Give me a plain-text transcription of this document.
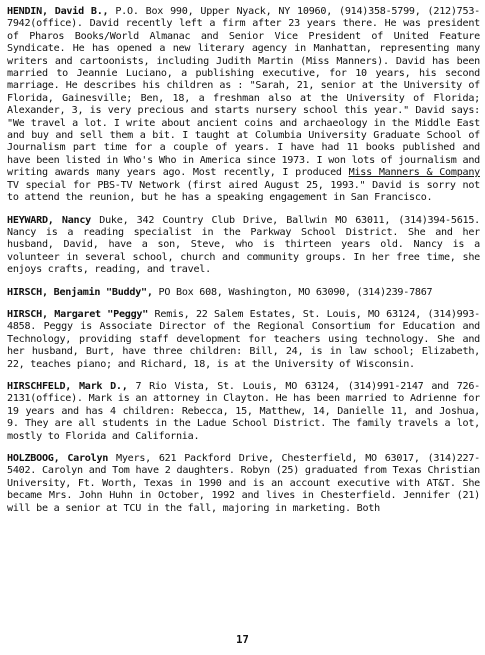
HENDIN, David B., P.O. Box 990, Upper Nyack, NY 10960, (914)358-5799, (212)753-7942(office). David recently left a firm after 23 years there. He was president of Pharos Books/World Almanac and Senior Vice President of United Feature Syndicate. He has opened a new literary agency in Manhattan, representing many writers and cartoonists, including Judith Martin (Miss Manners). David has been married to Jeannie Luciano, a publishing executive, for 10 years, his second marriage. He describes his children as : "Sarah, 21, senior at the University of Florida, Gainesville; Ben, 18, a freshman also at the University of Florida; Alexander, 3, is very precious and starts nursery school this year." David says: "We travel a lot. I write about ancient coins and archaeology in the Middle East and buy and sell them a bit. I taught at Columbia University Graduate School of Journalism part time for a couple of years. I have had 11 books published and have been listed in Who's Who in America since 1973. I won lots of journalism and writing awards many years ago. Most recently, I produced Miss Manners & Company TV special for PBS-TV Network (first aired August 25, 1993." David is sorry not to attend the reunion, but he has a speaking engagement in San Francisco.

HEYWARD, Nancy Duke, 342 Country Club Drive, Ballwin MO 63011, (314)394-5615. Nancy is a reading specialist in the Parkway School District. She and her husband, David, have a son, Steve, who is thirteen years old. Nancy is a volunteer in several school, church and community groups. In her free time, she enjoys crafts, reading, and travel.

HIRSCH, Benjamin "Buddy", PO Box 608, Washington, MO 63090, (314)239-7867

HIRSCH, Margaret "Peggy" Remis, 22 Salem Estates, St. Louis, MO 63124, (314)993-4858. Peggy is Associate Director of the Regional Consortium for Education and Technology, providing staff development for teachers using technology. She and her husband, Burt, have three children: Bill, 24, is in law school; Elizabeth, 22, teaches piano; and Richard, 18, is at the University of Wisconsin.

HIRSCHFELD, Mark D., 7 Rio Vista, St. Louis, MO 63124, (314)991-2147 and 726-2131(office). Mark is an attorney in Clayton. He has been married to Adrienne for 19 years and has 4 children: Rebecca, 15, Matthew, 14, Danielle 11, and Joshua, 9. They are all students in the Ladue School District. The family travels a lot, mostly to Florida and California.

HOLZBOOG, Carolyn Myers, 621 Packford Drive, Chesterfield, MO 63017, (314)227-5402. Carolyn and Tom have 2 daughters. Robyn (25) graduated from Texas Christian University, Ft. Worth, Texas in 1990 and is an account executive with AT&T. She became Mrs. John Huhn in October, 1992 and lives in Chesterfield. Jennifer (21) will be a senior at TCU in the fall, majoring in marketing. Both

17
